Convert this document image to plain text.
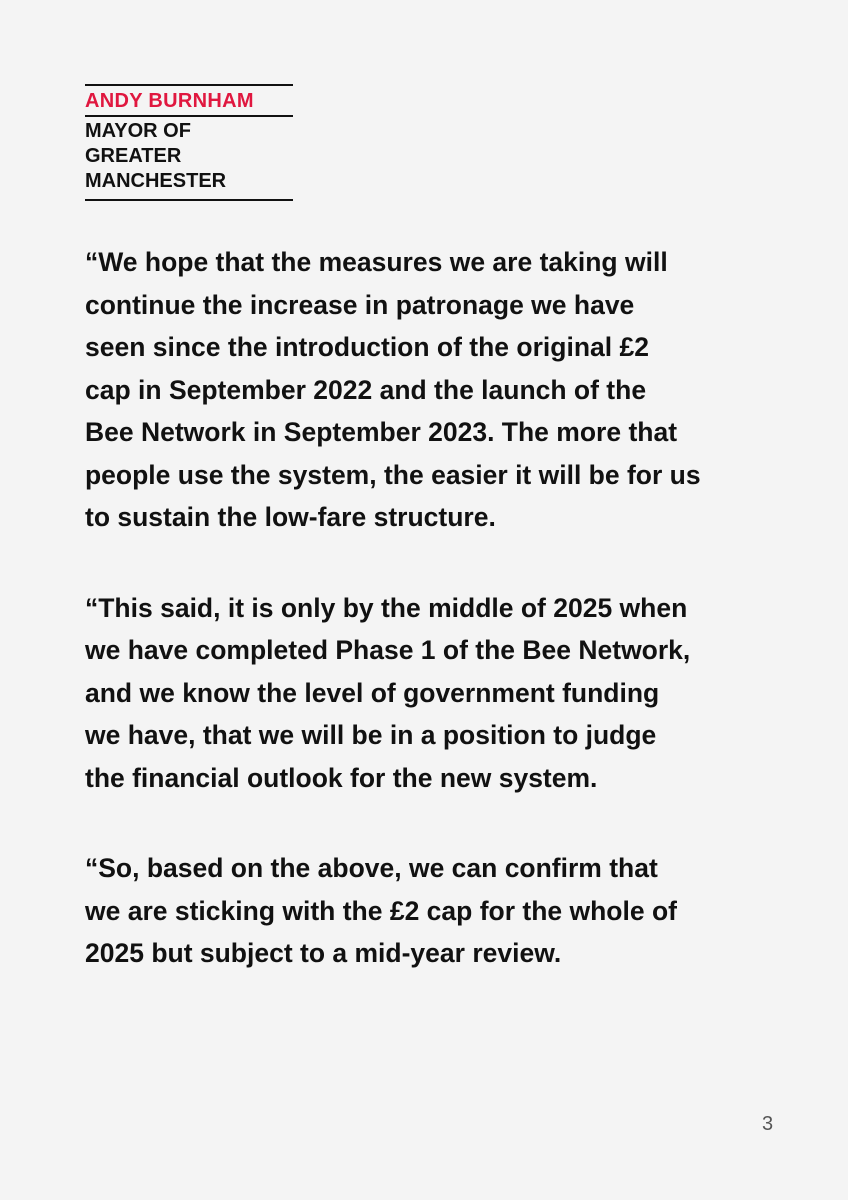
ANDY BURNHAM
MAYOR OF
GREATER
MANCHESTER

“We hope that the measures we are taking will
continue the increase in patronage we have
seen since the introduction of the original £2
cap in September 2022 and the launch of the
Bee Network in September 2023. The more that
people use the system, the easier it will be for us
to sustain the low-fare structure.

“This said, it is only by the middle of 2025 when
we have completed Phase 1 of the Bee Network,
and we know the level of government funding
we have, that we will be in a position to judge
the financial outlook for the new system.

“So, based on the above, we can confirm that
we are sticking with the £2 cap for the whole of
2025 but subject to a mid-year review.

3
